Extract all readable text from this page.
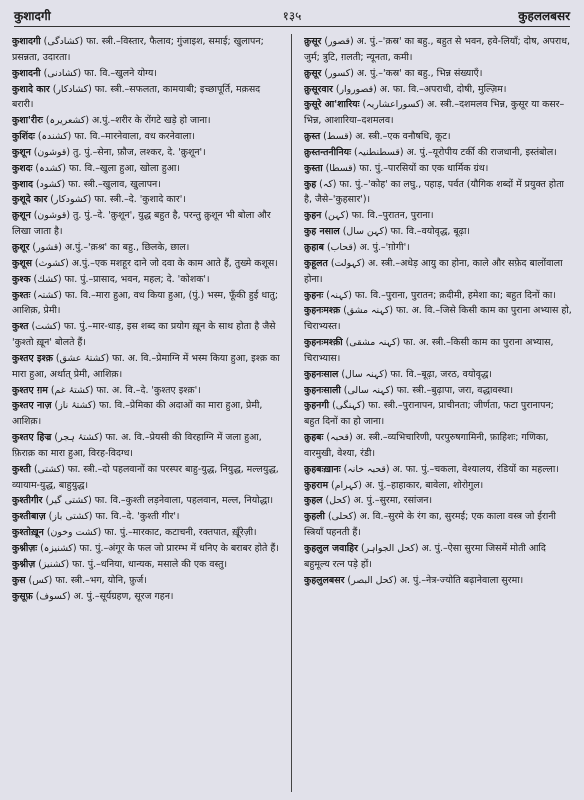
कुशादगी	१३५	कुहललबसर

कुशादगी (كشادگی) फा. स्त्री.–विस्तार, फैलाव; गुंजाइश, समाई; खुलापन; प्रसन्नता, उदारता।

कुशादनी (كشادنی) फा. वि.–खुलने योग्य।

कुशादे कार (كشادكار) फा. स्त्री.–सफलता, कामयाबी; इच्छापूर्ति, मक़सद बरारी।

कुशा'रीरः (كشعريرہ) अ.पुं.–शरीर के रोंगटे खड़े हो जाना।

कुशिंदः (كشندہ) फा. वि.–मारनेवाला, वध करनेवाला।

कुशून (قوشون) तु. पुं.–सेना, फ़ौज, लश्कर, दे. 'क़ुशून'।

कुशदः (كشدہ) फा. वि.–खुला हुआ, खोला हुआ।

कुशाद (كشود) फा. स्त्री.–खुलाव, खुलापन।

कुशूदे कार (كشودكار) फा. स्त्री.–दे. 'कुशादे कार'।

क़ुशून (قوشون) तु. पुं.–दे. 'क़ुशून', युद्ध बहुत है, परन्तु क़ुशून भी बोला और लिखा जाता है।

क़ुशूर (قشور) अ.पुं.–'क़श्र' का बहु., छिलके, छाल।

कुशूस (كشوث) अ.पुं.–एक मशहूर दाने जो दवा के काम आते हैं, तुख्मे कशूस।

कुश्क (كشك) फा. पुं.–प्रासाद, भवन, महल; दे. 'कोशक'।

कुश्तः (كشتہ) फा. वि.–मारा हुआ, वध किया हुआ, (पुं.) भस्म, फूँकी हुई धातु; आशिक़, प्रेमी।

कुश्त (كشت) फा. पुं.–मार-धाड़, इस शब्द का प्रयोग ख़ून के साथ होता है जैसे 'कुश्तो ख़ून' बोलते हैं।

कुश्तए इश्क़ (كشتۂ عشق) फा. अ. वि.–प्रेमाग्नि में भस्म किया हुआ, इश्क़ का मारा हुआ, अर्थात् प्रेमी, आशिक़।

कुश्तए ग़म (كشتۂ غم) फा. अ. वि.–दे. 'कुश्तए इश्क़'।

कुश्तए नाज़ (كشتۂ ناز) फा. वि.–प्रेमिका की अदाओं का मारा हुआ, प्रेमी, आशिक़।

कुश्तए हिज्र (كشتۂ ہجر) फा. अ. वि.–प्रेयसी की विरहाग्नि में जला हुआ, फ़िराक़ का मारा हुआ, विरह-विदग्ध।

कुश्ती (كشتی) फा. स्त्री.–दो पहलवानों का परस्पर बाहु-युद्ध, नियुद्ध, मल्लयुद्ध, व्यायाम-युद्ध, बाहुयुद्ध।

कुश्तीगीर (كشتی گیر) फा. वि.–कुश्ती लड़नेवाला, पहलवान, मल्ल, नियोद्धा।

कुश्तीबाज़ (كشتی باز) फा. वि.–दे. 'कुश्ती गीर'।

कुश्तोख़ून (كشت وخون) फा. पुं.–मारकाट, कटाचनी, रक्तपात, ख़ूँरेज़ी।

कुश्नीज़ः (كشنيزہ) फा. पुं.–अंगूर के फल जो प्रारम्भ में धनिए के बराबर होते हैं।

कुश्नीज़ (كشنيز) फा. पुं.–धनिया, धान्यक, मसाले की एक वस्तु।

कुस (كس) फा. स्त्री.–भग, योनि, फ़ुर्ज।

कुसूफ़ (كسوف) अ. पुं.–सूर्यग्रहण, सूरज गहन।

क़ुसूर (قصور) अ. पुं.–'क़स्र' का बहु., बहुत से भवन, हवे-लियाँ; दोष, अपराध, जुर्म; त्रुटि, ग़लती; न्यूनता, कमी।

क़ुसूर (كسور) अ. पुं.–'कस्र' का बहु., भिन्न संख्याएँ।

क़ुसूरवार (قصوروار) अ. फा. वि.–अपराधी, दोषी, मुल्ज़िम।

कुसूरे आ'शारियः (كسوراعشاریہ) अ. स्त्री.–दशमलव भिन्न, कुसूर या कसर–भिन्न, आशारिया–दशमलव।

क़ुस्त (قسط) अ. स्त्री.–एक वनौषधि, कूट।

क़ुस्तन्तनीनियः (قسطنطنیہ) अ. पुं.–यूरोपीय टर्की की राजधानी, इस्तंबोल।

कुस्ता (قسطا) फा. पुं.–पारसियों का एक धार्मिक ग्रंथ।

कुह (كہ) फा. पुं.–'कोह' का लघु., पहाड़, पर्वत (यौगिक शब्दों में प्रयुक्त होता है, जैसे–'कुहसार')।

कुहन (كہن) फा. वि.–पुरातन, पुराना।

कुह नसाल (كہن سال) फा. वि.–वयोवृद्ध, बूढ़ा।

क़ुहाब (قحاب) अ. पुं.–'ग़ोगी'।

कुहूलत (كہولت) अ. स्त्री.–अधेड़ आयु का होना, काले और सफ़ेद बालोंवाला होना।

कुहनः (كہنہ) फा. वि.–पुराना, पुरातन; क़दीमी, हमेशा का; बहुत दिनों का।

कुहनःमश्क़ (كہنہ مشق) फा. अ. वि.–जिसे किसी काम का पुराना अभ्यास हो, चिराभ्यस्त।

कुहनःमश्क़ी (كہنہ مشقی) फा. अ. स्त्री.–किसी काम का पुराना अभ्यास, चिराभ्यास।

कुहनःसाल (كہنہ سال) फा. वि.–बूढ़ा, जरठ, वयोवृद्ध।

कुहनःसाली (كہنہ سالی) फा. स्त्री.–बुढ़ापा, जरा, वद्धावस्था।

कुहनगी (كہنگی) फा. स्त्री.–पुरानापन, प्राचीनता; जीर्णता, फटा पुरानापन; बहुत दिनों का हो जाना।

क़ुहबः (قحبہ) अ. स्त्री.–व्यभिचारिणी, परपुरुषगामिनी, फ़ाहिशः; गणिका, वारमुखी, वेश्या, रंडी।

क़ुहबःख़ानः (قحبہ خانہ) अ. फा. पुं.–चकला, वेश्यालय, रंडियों का महल्ला।

कुहराम (كہرام) अ. पुं.–हाहाकार, बावेला, शोरोगुल।

कुहल (كحل) अ. पुं.–सुरमा, रसांजन।

कुहली (كحلی) अ. वि.–सुरमे के रंग का, सुरमई; एक काला वस्त्र जो ईरानी स्त्रियाँ पहनती हैं।

कुहलुल जवाहिर (كحل الجواہر) अ. पुं.–ऐसा सुरमा जिसमें मोती आदि बहुमूल्य रत्न पड़े हों।

कुहलुलबसर (كحل البصر) अ. पुं.–नेत्र-ज्योति बढ़ानेवाला सुरमा।
